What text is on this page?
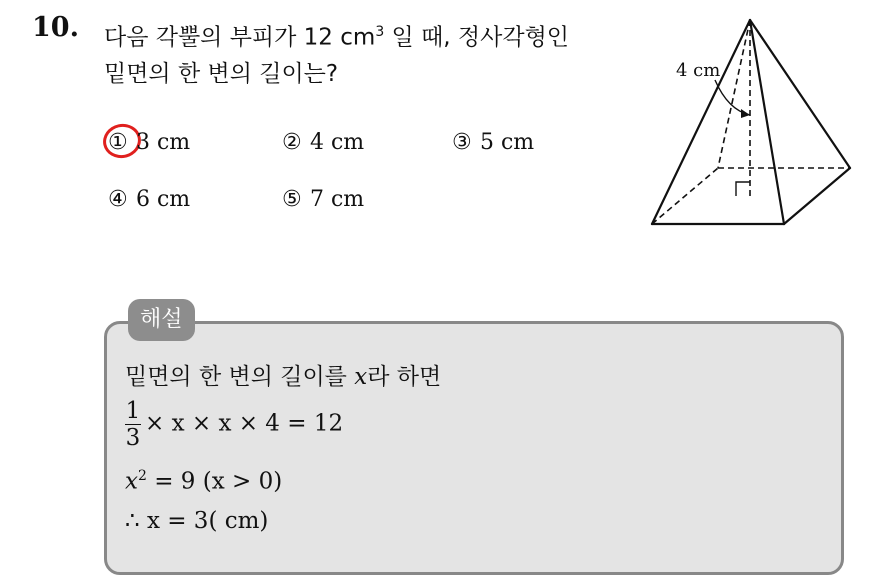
10. 다음 각뿔의 부피가 12 $cm^3$ 일 때, 정사각형인
밑면의 한 변의 길이는?
① 3 cm	② 4 cm	③ 5 cm
④ 6 cm	⑤ 7 cm
4 cm
해설
밑면의 한 변의 길이를 x라 하면
$\frac{1}{3} \times x \times x \times 4 = 12$
$x^2 = 9$ (x > 0)
∴ x = 3( cm)
